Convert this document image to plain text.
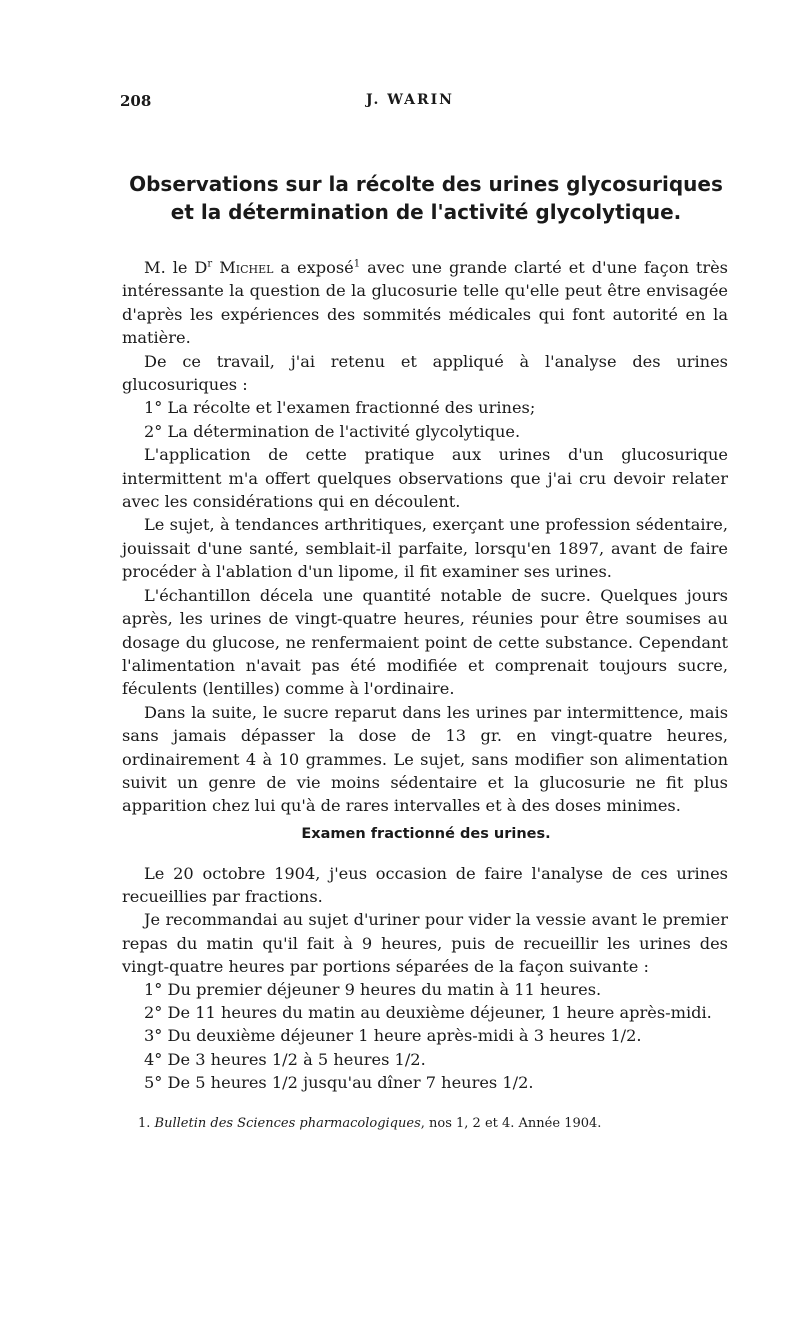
208	J. WARIN
Observations sur la récolte des urines glycosuriques
et la détermination de l'activité glycolytique.

M. le $D^r$ Michel a exposé$^1$ avec une grande clarté et d'une façon très intéressante la question de la glucosurie telle qu'elle peut être envisagée d'après les expériences des sommités médicales qui font autorité en la matière.

De ce travail, j'ai retenu et appliqué à l'analyse des urines glucosuriques :

1° La récolte et l'examen fractionné des urines;

2° La détermination de l'activité glycolytique.

L'application de cette pratique aux urines d'un glucosurique intermittent m'a offert quelques observations que j'ai cru devoir relater avec les considérations qui en découlent.

Le sujet, à tendances arthritiques, exerçant une profession sédentaire, jouissait d'une santé, semblait-il parfaite, lorsqu'en 1897, avant de faire procéder à l'ablation d'un lipome, il fit examiner ses urines.

L'échantillon décela une quantité notable de sucre. Quelques jours après, les urines de vingt-quatre heures, réunies pour être soumises au dosage du glucose, ne renfermaient point de cette substance. Cependant l'alimentation n'avait pas été modifiée et comprenait toujours sucre, féculents (lentilles) comme à l'ordinaire.

Dans la suite, le sucre reparut dans les urines par intermittence, mais sans jamais dépasser la dose de 13 gr. en vingt-quatre heures, ordinairement 4 à 10 grammes. Le sujet, sans modifier son alimentation suivit un genre de vie moins sédentaire et la glucosurie ne fit plus apparition chez lui qu'à de rares intervalles et à des doses minimes.

Examen fractionné des urines.

Le 20 octobre 1904, j'eus occasion de faire l'analyse de ces urines recueillies par fractions.

Je recommandai au sujet d'uriner pour vider la vessie avant le premier repas du matin qu'il fait à 9 heures, puis de recueillir les urines des vingt-quatre heures par portions séparées de la façon suivante :

1° Du premier déjeuner 9 heures du matin à 11 heures.

2° De 11 heures du matin au deuxième déjeuner, 1 heure après-midi.

3° Du deuxième déjeuner 1 heure après-midi à 3 heures 1/2.

4° De 3 heures 1/2 à 5 heures 1/2.

5° De 5 heures 1/2 jusqu'au dîner 7 heures 1/2.

1. Bulletin des Sciences pharmacologiques, nos 1, 2 et 4. Année 1904.
